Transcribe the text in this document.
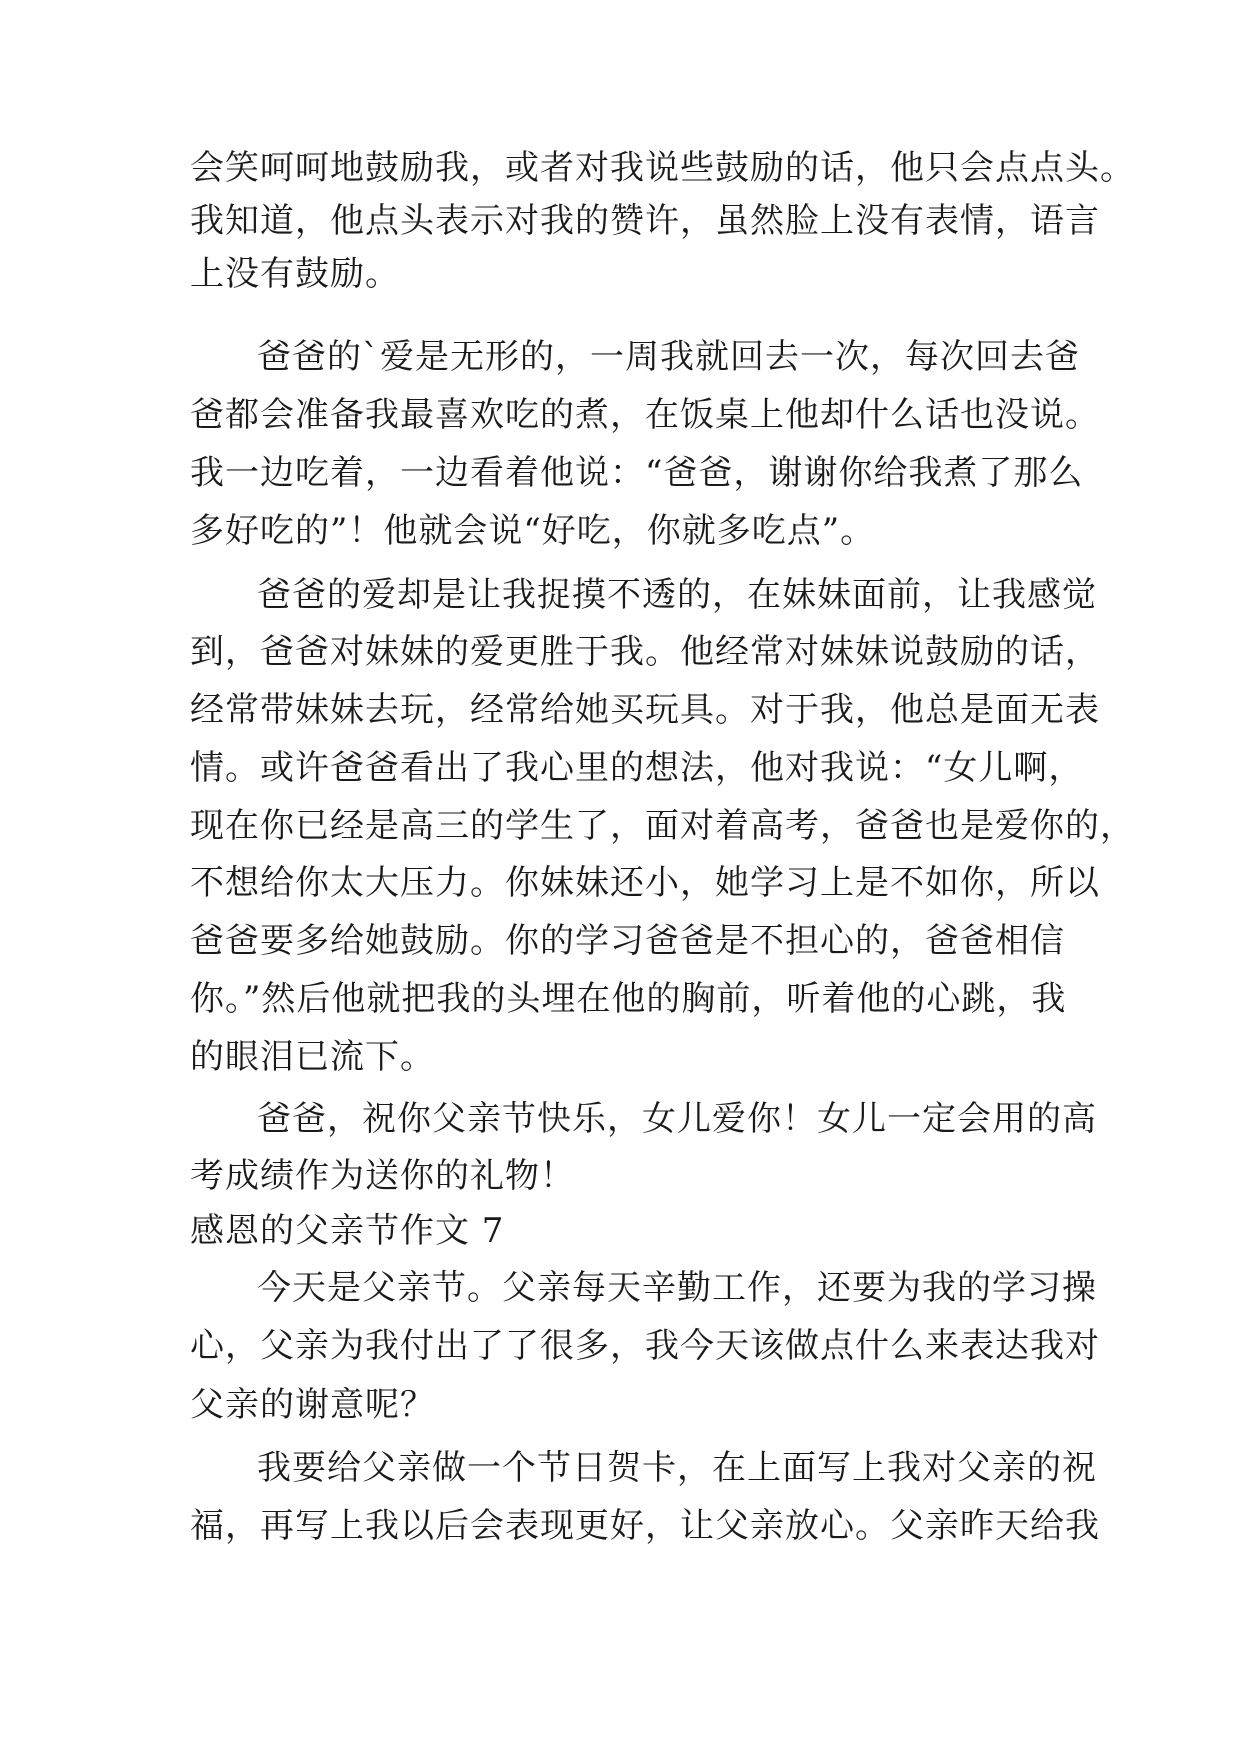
会笑呵呵地鼓励我，或者对我说些鼓励的话，他只会点点头。
我知道，他点头表示对我的赞许，虽然脸上没有表情，语言
上没有鼓励。
爸爸的`爱是无形的，一周我就回去一次，每次回去爸
爸都会准备我最喜欢吃的煮，在饭桌上他却什么话也没说。
我一边吃着，一边看着他说：“爸爸，谢谢你给我煮了那么
多好吃的”！他就会说“好吃，你就多吃点”。
爸爸的爱却是让我捉摸不透的，在妹妹面前，让我感觉
到，爸爸对妹妹的爱更胜于我。他经常对妹妹说鼓励的话，
经常带妹妹去玩，经常给她买玩具。对于我，他总是面无表
情。或许爸爸看出了我心里的想法，他对我说：“女儿啊，
现在你已经是高三的学生了，面对着高考，爸爸也是爱你的，
不想给你太大压力。你妹妹还小，她学习上是不如你，所以
爸爸要多给她鼓励。你的学习爸爸是不担心的，爸爸相信
你。”然后他就把我的头埋在他的胸前，听着他的心跳，我
的眼泪已流下。
爸爸，祝你父亲节快乐，女儿爱你！女儿一定会用的高
考成绩作为送你的礼物！
感恩的父亲节作文 7
今天是父亲节。父亲每天辛勤工作，还要为我的学习操
心，父亲为我付出了了很多，我今天该做点什么来表达我对
父亲的谢意呢？
我要给父亲做一个节日贺卡，在上面写上我对父亲的祝
福，再写上我以后会表现更好，让父亲放心。父亲昨天给我
